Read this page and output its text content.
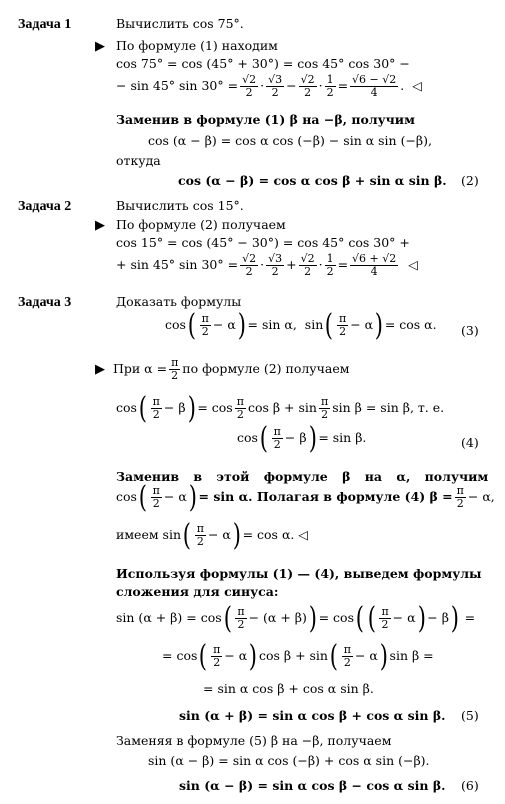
Задача 1	Вычислить cos 75°.
▶ По формуле (1) находим
cos 75° = cos (45° + 30°) = cos 45° cos 30° −
− sin 45° $\sin 30^\circ = \frac{√2}{2} \cdot \frac{√3}{2} - \frac{√2}{2} \cdot \frac{1}{2} = \frac{√6 - √2}{4}$ . ◁
Заменив в формуле (1) β на −β, получим
cos (α − β) = cos α cos (−β) − sin α sin (−β),
откуда
cos (α − β) = cos α cos β + sin α sin β. (2)
Задача 2	Вычислить cos 15°.
▶ По формуле (2) получаем
cos 15° = cos (45° − 30°) = cos 45° cos 30° +
+ sin 45° $\sin 30^\circ = \frac{√2}{2} \cdot \frac{√3}{2} + \frac{√2}{2} \cdot \frac{1}{2} = \frac{√6 + √2}{4}$
◁
Задача 3	Доказать формулы
cos ( $\frac{\pi}{2} - \alpha$ ) = sin α,
sin ( $\frac{\pi}{2} - \alpha$ ) = cos α. (3)
▶
При $\alpha = \frac{\pi}{2}$ по формуле (2) получаем
cos ( $\frac{\pi}{2} - \beta$ ) = $\cos \frac{\pi}{2}$ $\cos \beta + \sin \frac{\pi}{2}$ sin β = sin β, т. е.
cos ( $\frac{\pi}{2} - \beta$ ) = sin β.	(4)
Заменив в этой формуле β на α, получим
cos ( $\frac{\pi}{2} - \alpha$ ) = sin α. Полагая в формуле (4) $\beta = \frac{\pi}{2} - \alpha$,
имеем sin ( $\frac{\pi}{2} - \alpha$ ) = cos α.
◁
Используя формулы (1) — (4), выведем формулы
сложения для синуса:
sin (α + β) = cos ( $\frac{\pi}{2} - (\alpha + \beta)$ ) = cos ( ( $\frac{\pi}{2} - \alpha$ ) − β ) =
= cos ( $\frac{\pi}{2} - \alpha$ ) cos β + sin ( $\frac{\pi}{2} - \alpha$ ) sin β =
= sin α cos β + cos α sin β.
sin (α + β) = sin α cos β + cos α sin β. (5)
Заменяя в формуле (5) β на −β, получаем
sin (α − β) = sin α cos (−β) + cos α sin (−β).
sin (α − β) = sin α cos β − cos α sin β. (6)
